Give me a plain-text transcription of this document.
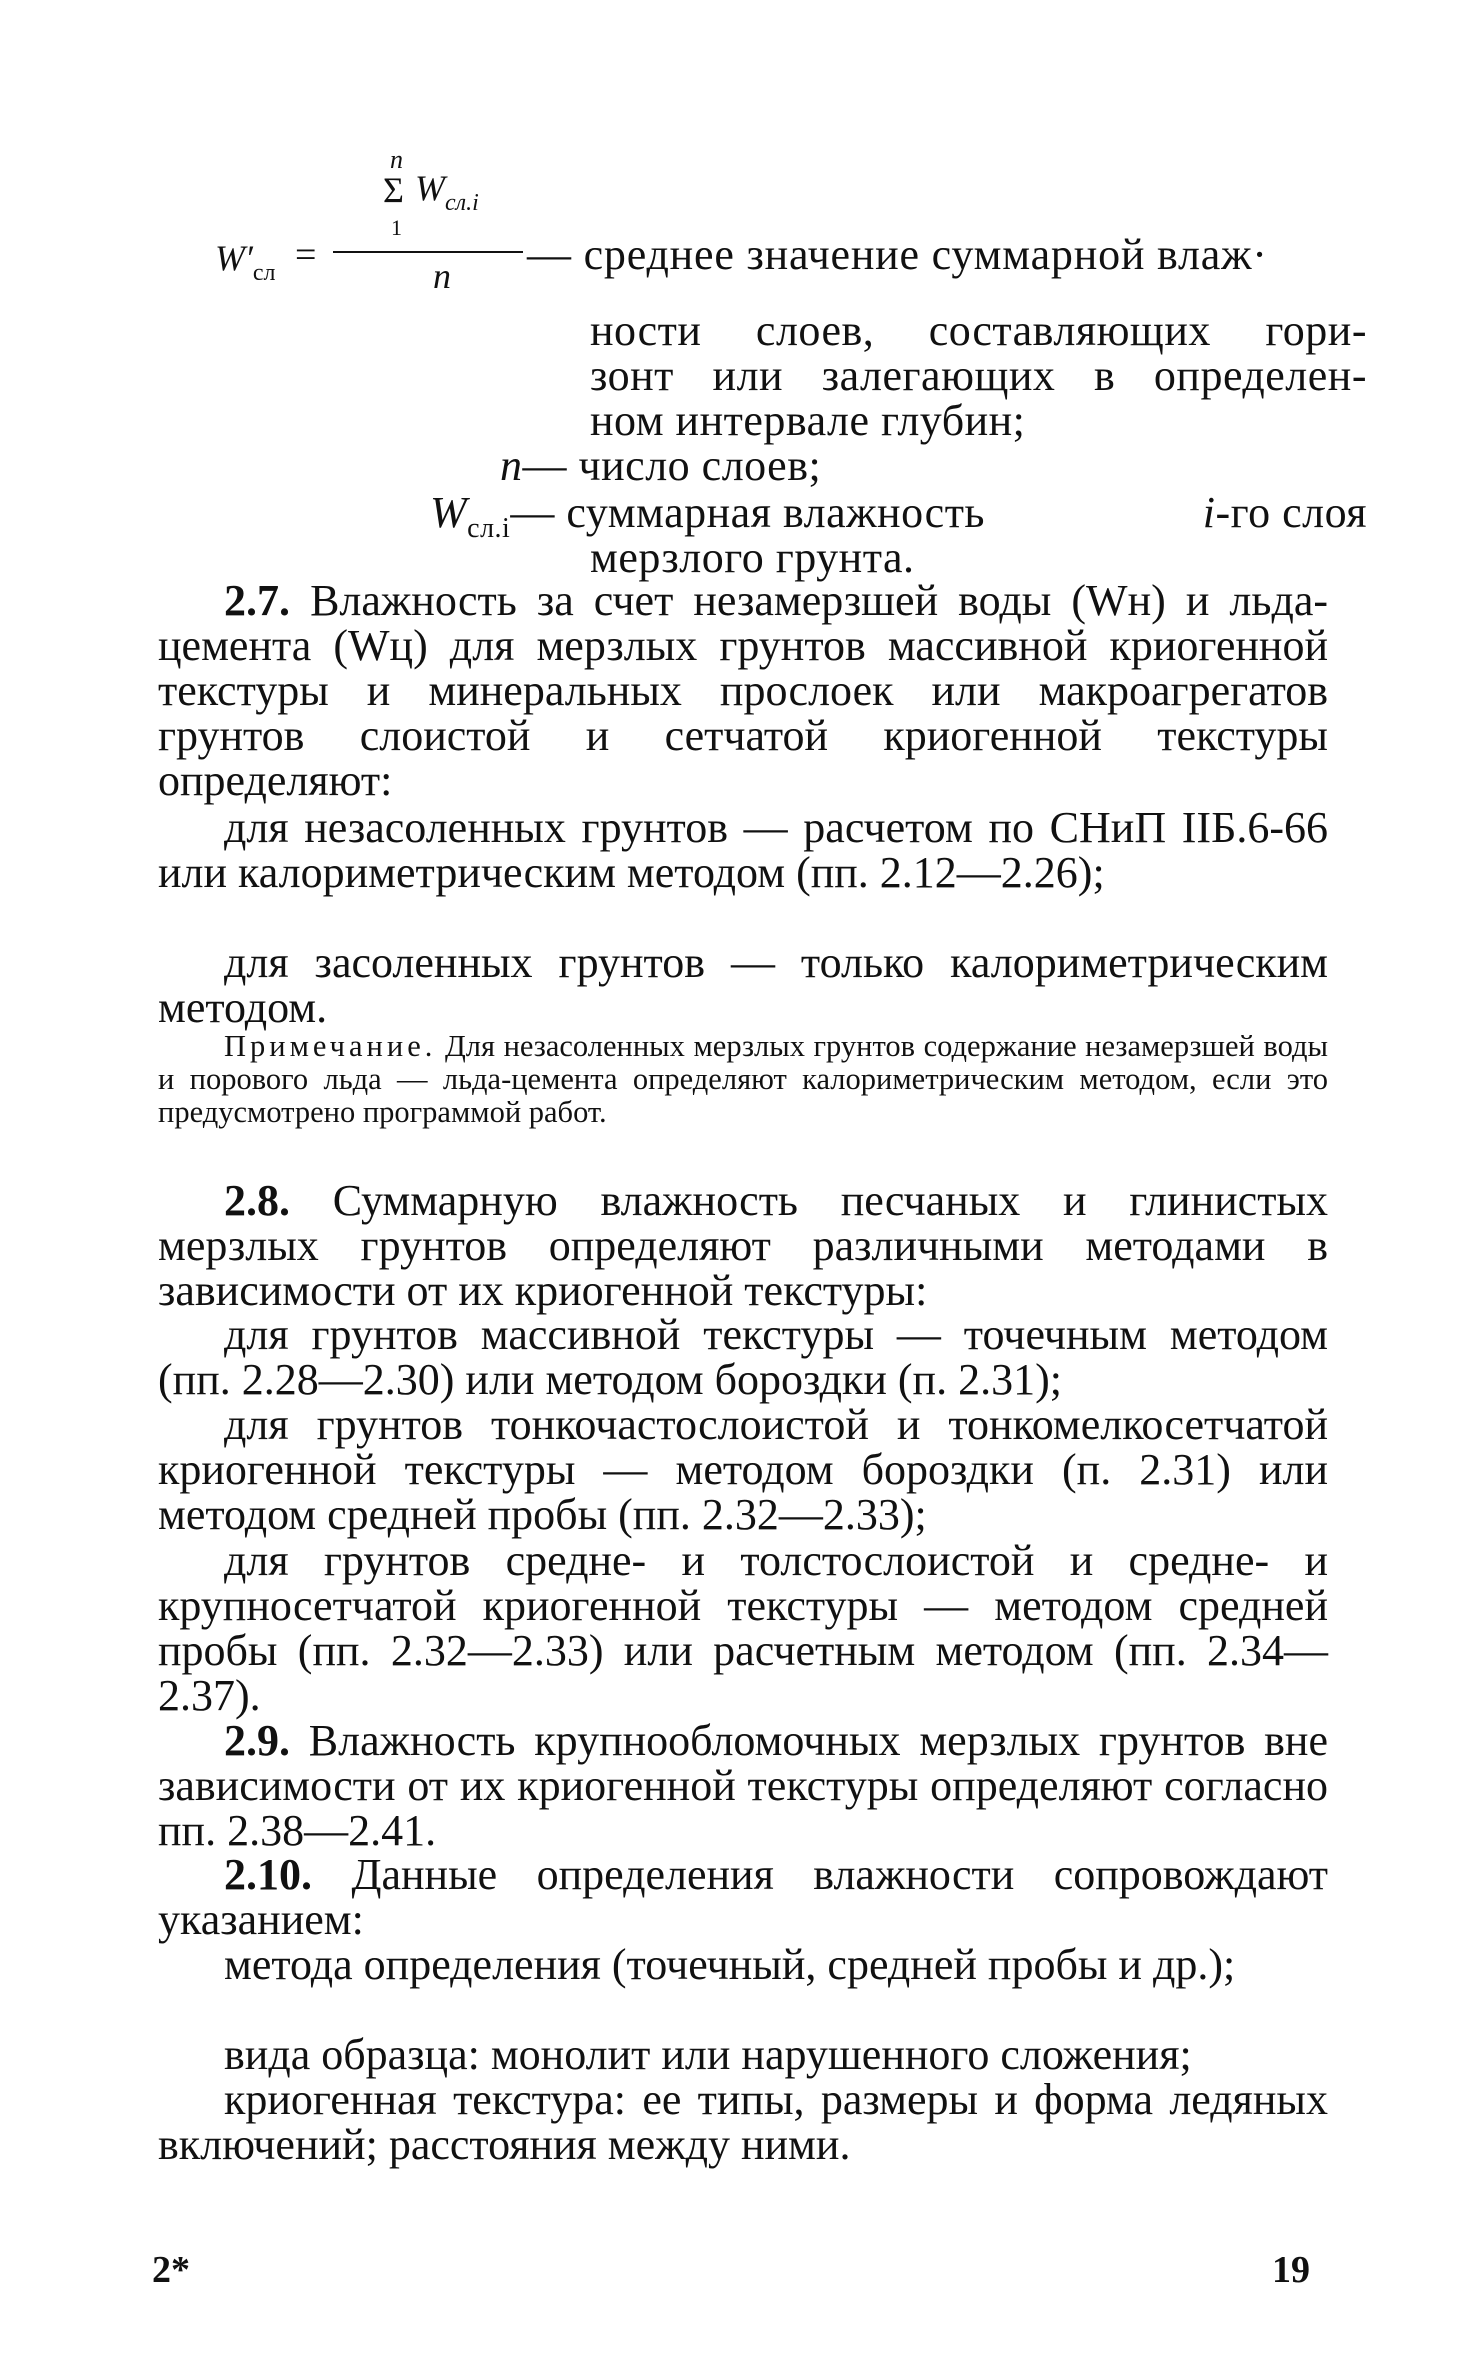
$W'_{сл}$ =
n
Σ $W_{сл.i}$
1
n — среднее значение суммарной влаж·
ности слоев, составляющих гори-
зонт или залегающих в определен-
ном интервале глубин;
n— число слоев;
$W_{сл.i}—$ суммарная влажность	i-го слоя
мерзлого грунта.
2.7. Влажность за счет незамерзшей воды (Wн) и льда-цемента (Wц) для мерзлых грунтов массивной криогенной текстуры и минеральных прослоек или макроагрегатов грунтов слоистой и сетчатой криогенной текстуры определяют:
для незасоленных грунтов — расчетом по СНиП IIБ.6-66 или калориметрическим методом (пп. 2.12—2.26);
для засоленных грунтов — только калориметрическим методом.
Примечание. Для незасоленных мерзлых грунтов содержание незамерзшей воды и порового льда — льда-цемента определяют калориметрическим методом, если это предусмотрено программой работ.
2.8. Суммарную влажность песчаных и глинистых мерзлых грунтов определяют различными методами в зависимости от их криогенной текстуры:
для грунтов массивной текстуры — точечным методом (пп. 2.28—2.30) или методом бороздки (п. 2.31);
для грунтов тонкочастослоистой и тонкомелкосетчатой криогенной текстуры — методом бороздки (п. 2.31) или методом средней пробы (пп. 2.32—2.33);
для грунтов средне- и толстослоистой и средне- и крупносетчатой криогенной текстуры — методом средней пробы (пп. 2.32—2.33) или расчетным методом (пп. 2.34—2.37).
2.9. Влажность крупнообломочных мерзлых грунтов вне зависимости от их криогенной текстуры определяют согласно пп. 2.38—2.41.
2.10. Данные определения влажности сопровождают указанием:
метода определения (точечный, средней пробы и др.);
вида образца: монолит или нарушенного сложения;
криогенная текстура: ее типы, размеры и форма ледяных включений; расстояния между ними.
2*	19
